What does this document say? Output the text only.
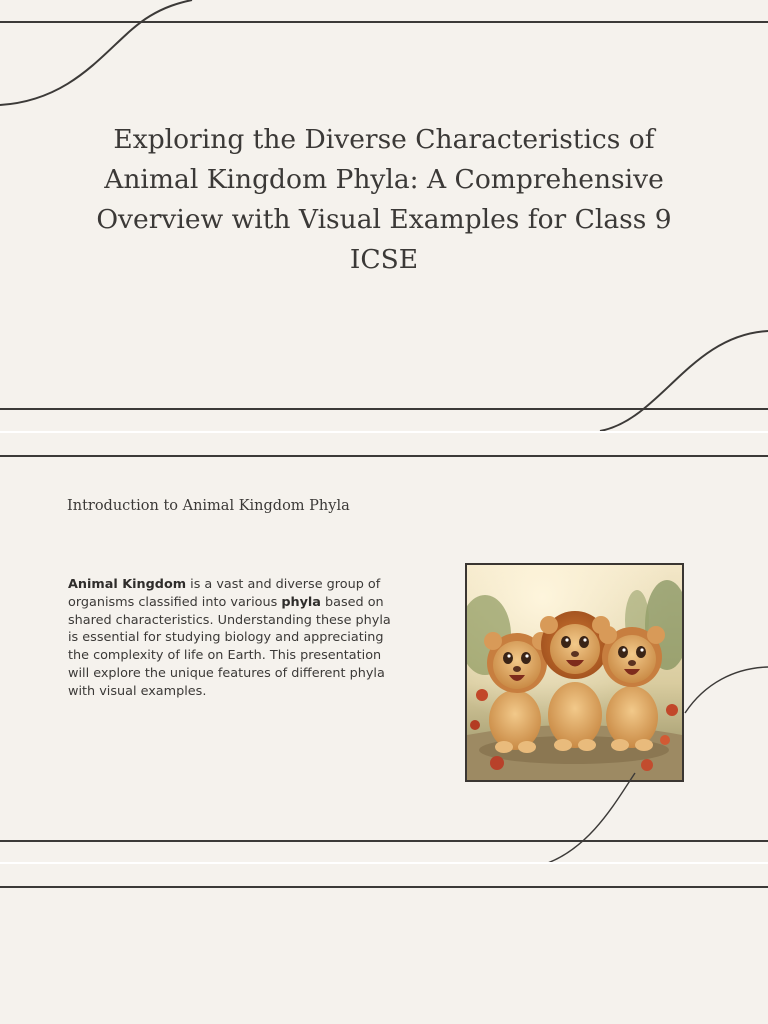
Exploring the Diverse Characteristics of Animal Kingdom Phyla: A Comprehensive Overview with Visual Examples for Class 9 ICSE
Introduction to Animal Kingdom Phyla

Animal Kingdom is a vast and diverse group of organisms classified into various phyla based on shared characteristics. Understanding these phyla is essential for studying biology and appreciating the complexity of life on Earth. This presentation will explore the unique features of different phyla with visual examples.
